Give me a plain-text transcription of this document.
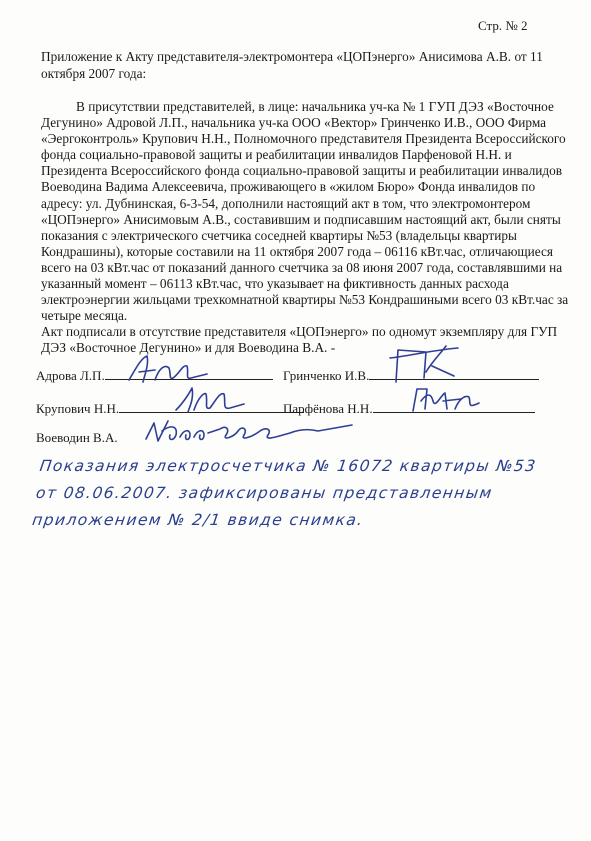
Стр. № 2
Приложение к Акту представителя-электромонтера «ЦОПэнерго» Анисимова А.В. от 11 октября 2007 года:

В присутствии представителей, в лице: начальника уч-ка № 1 ГУП ДЭЗ «Восточное Дегунино» Адровой Л.П., начальника уч-ка ООО «Вектор» Гринченко И.В., ООО Фирма «Эергоконтроль» Крупович Н.Н., Полномочного представителя Президента Всероссийского фонда социально-правовой защиты и реабилитации инвалидов Парфеновой Н.Н. и Президента Всероссийского фонда социально-правовой защиты и реабилитации инвалидов Воеводина Вадима Алексеевича, проживающего в «жилом Бюро» Фонда инвалидов по адресу: ул. Дубнинская, 6-3-54, дополнили настоящий акт в том, что электромонтером «ЦОПэнерго» Анисимовым А.В., составившим и подписавшим настоящий акт, были сняты показания с электрического счетчика соседней квартиры №53 (владельцы квартиры Кондрашины), которые составили на 11 октября 2007 года – 06116 кВт.час, отличающиеся всего на 03 кВт.час от показаний данного счетчика за 08 июня 2007 года, составлявшими на указанный момент – 06113 кВт.час, что указывает на фиктивность данных расхода электроэнергии жильцами трехкомнатной квартиры №53 Кондрашиными всего 03 кВт.час за четыре месяца.

Акт подписали в отсутствие представителя «ЦОПэнерго» по одномут экземпляру для ГУП ДЭЗ «Восточное Дегунино» и для Воеводина В.А. -

Адрова Л.П.	Гринченко И.В.
Крупович Н.Н.	Парфёнова Н.Н.
Воеводин В.А.
Показания электросчетчика № 16072 квартиры №53
от 08.06.2007. зафиксированы представленным
приложением № 2/1 ввиде снимка.
